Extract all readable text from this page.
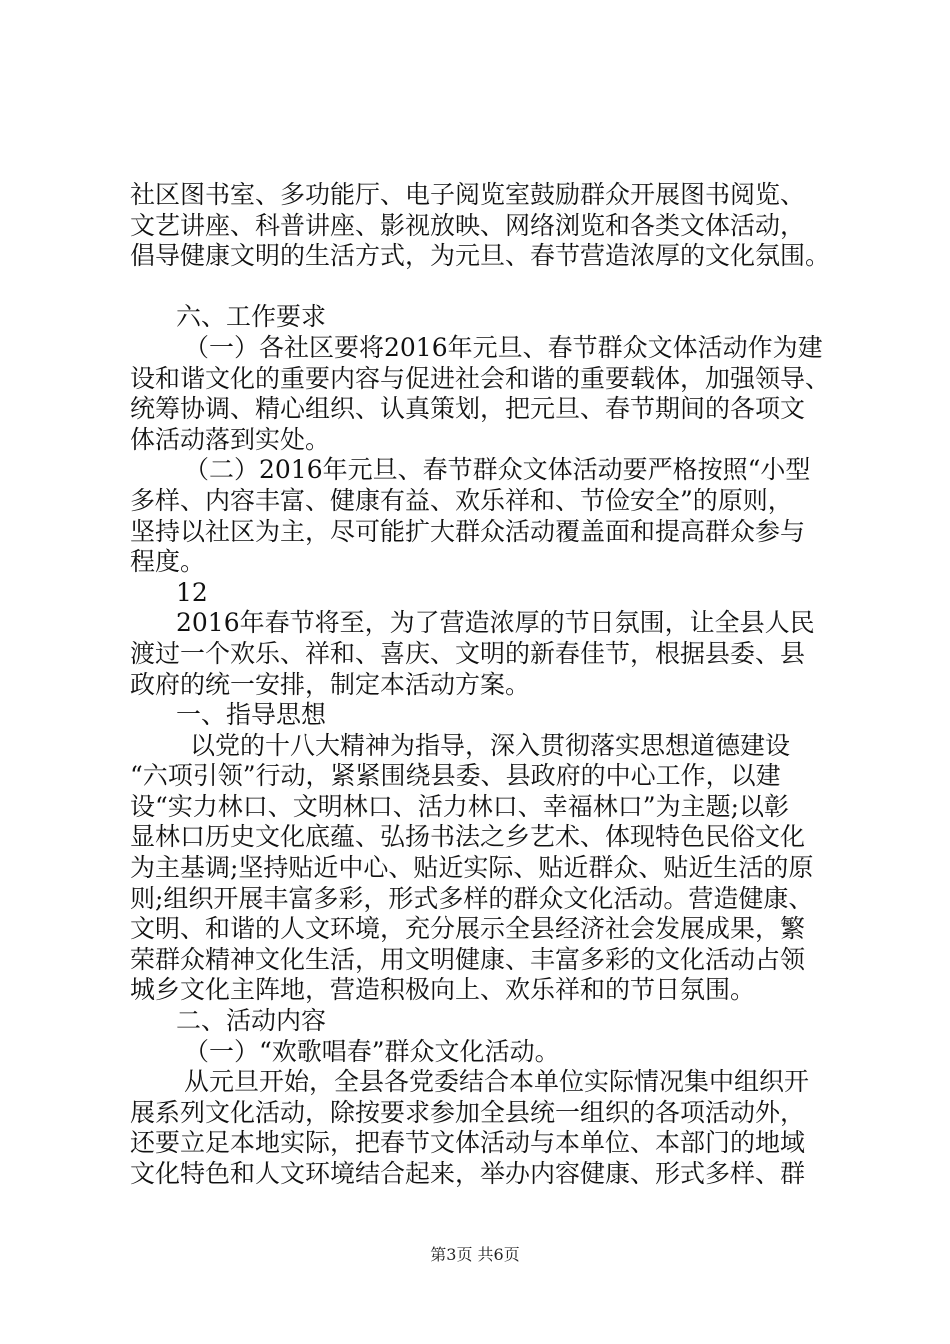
社区图书室、多功能厅、电子阅览室鼓励群众开展图书阅览、
文艺讲座、科普讲座、影视放映、网络浏览和各类文体活动，
倡导健康文明的生活方式，为元旦、春节营造浓厚的文化氛围。
六、工作要求
（一）各社区要将2016年元旦、春节群众文体活动作为建
设和谐文化的重要内容与促进社会和谐的重要载体，加强领导、
统筹协调、精心组织、认真策划，把元旦、春节期间的各项文
体活动落到实处。
（二）2016年元旦、春节群众文体活动要严格按照“小型
多样、内容丰富、健康有益、欢乐祥和、节俭安全”的原则，
坚持以社区为主，尽可能扩大群众活动覆盖面和提高群众参与
程度。
12
2016年春节将至，为了营造浓厚的节日氛围，让全县人民
渡过一个欢乐、祥和、喜庆、文明的新春佳节，根据县委、县
政府的统一安排，制定本活动方案。
一、指导思想
以党的十八大精神为指导，深入贯彻落实思想道德建设
“六项引领”行动，紧紧围绕县委、县政府的中心工作，以建
设“实力林口、文明林口、活力林口、幸福林口”为主题;以彰
显林口历史文化底蕴、弘扬书法之乡艺术、体现特色民俗文化
为主基调;坚持贴近中心、贴近实际、贴近群众、贴近生活的原
则;组织开展丰富多彩，形式多样的群众文化活动。营造健康、
文明、和谐的人文环境，充分展示全县经济社会发展成果，繁
荣群众精神文化生活，用文明健康、丰富多彩的文化活动占领
城乡文化主阵地，营造积极向上、欢乐祥和的节日氛围。
二、活动内容
（一）“欢歌唱春”群众文化活动。
从元旦开始，全县各党委结合本单位实际情况集中组织开
展系列文化活动，除按要求参加全县统一组织的各项活动外，
还要立足本地实际，把春节文体活动与本单位、本部门的地域
文化特色和人文环境结合起来，举办内容健康、形式多样、群
第3页 共6页
